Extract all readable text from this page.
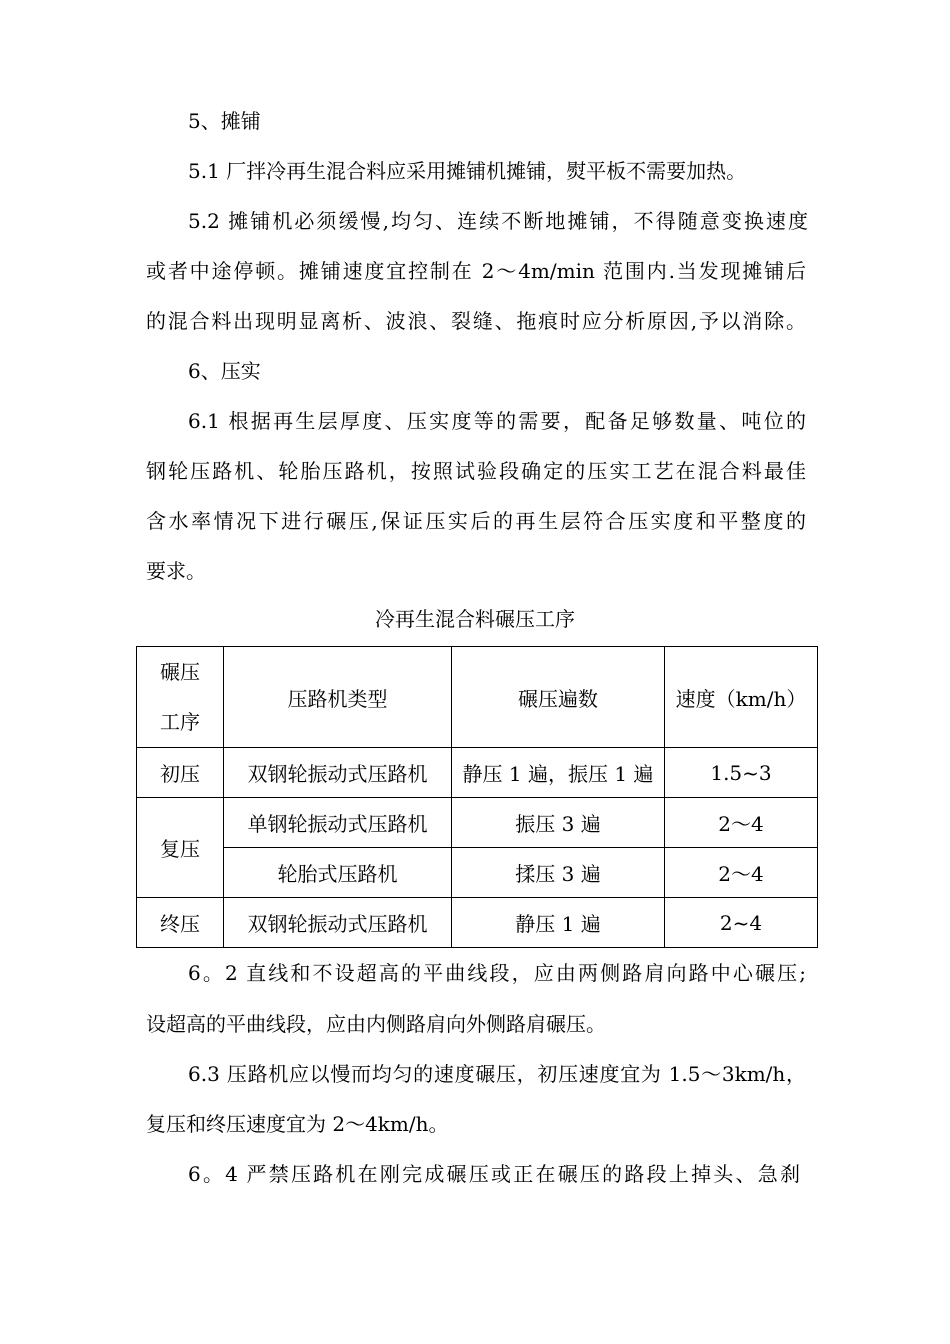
5、摊铺

5.1 厂拌冷再生混合料应采用摊铺机摊铺，熨平板不需要加热。

5.2 摊铺机必须缓慢,均匀、连续不断地摊铺，不得随意变换速度

或者中途停顿。摊铺速度宜控制在 2～4m/min 范围内.当发现摊铺后

的混合料出现明显离析、波浪、裂缝、拖痕时应分析原因,予以消除。

6、压实

6.1 根据再生层厚度、压实度等的需要，配备足够数量、吨位的

钢轮压路机、轮胎压路机，按照试验段确定的压实工艺在混合料最佳

含水率情况下进行碾压,保证压实后的再生层符合压实度和平整度的

要求。

冷再生混合料碾压工序

碾压
工序	压路机类型	碾压遍数	速度（km/h）
初压	双钢轮振动式压路机	静压 1 遍，振压 1 遍	1.5~3
复压	单钢轮振动式压路机	振压 3 遍	2～4
	轮胎式压路机	揉压 3 遍	2～4
终压	双钢轮振动式压路机	静压 1 遍	2~4

6。2 直线和不设超高的平曲线段，应由两侧路肩向路中心碾压;

设超高的平曲线段，应由内侧路肩向外侧路肩碾压。

6.3 压路机应以慢而均匀的速度碾压，初压速度宜为 1.5～3km/h，

复压和终压速度宜为 2～4km/h。

6。4 严禁压路机在刚完成碾压或正在碾压的路段上掉头、急刹
